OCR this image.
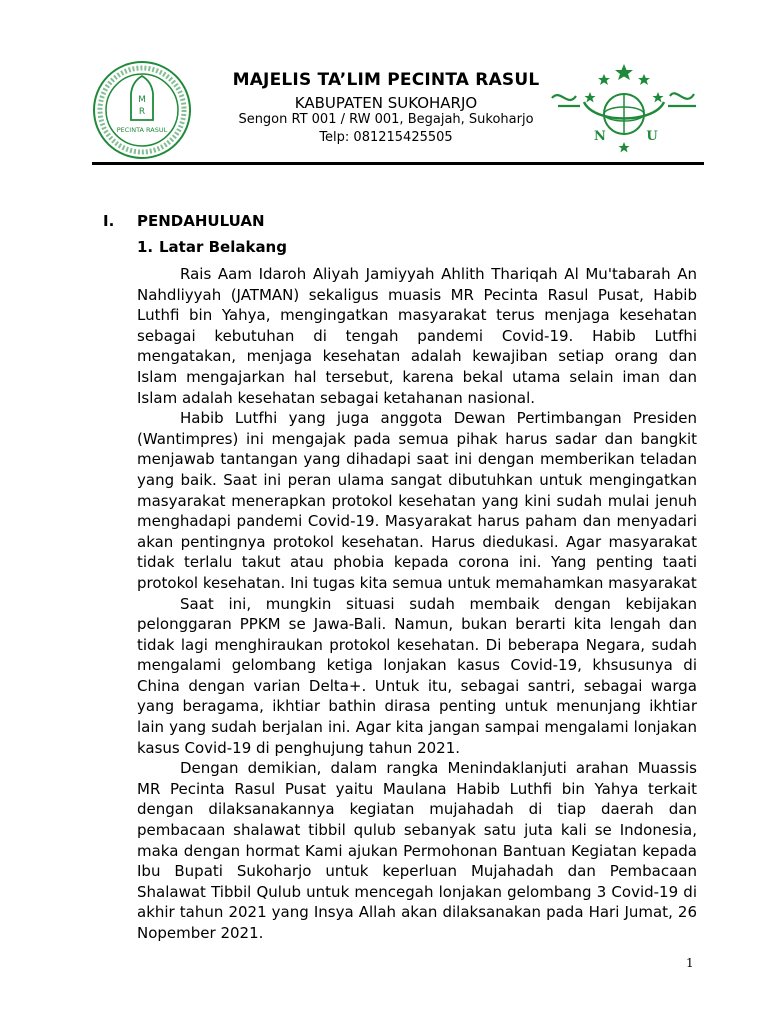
M
R
PECINTA RASUL
MAJELIS TA’LIM PECINTA RASUL
KABUPATEN SUKOHARJO
Sengon RT 001 / RW 001, Begajah, Sukoharjo
Telp: 081215425505	N	U
I. PENDAHULUAN
1. Latar Belakang

Rais Aam Idaroh Aliyah Jamiyyah Ahlith Thariqah Al Mu'tabarah An Nahdliyyah (JATMAN) sekaligus muasis MR Pecinta Rasul Pusat, Habib Luthfi bin Yahya, mengingatkan masyarakat terus menjaga kesehatan sebagai kebutuhan di tengah pandemi Covid-19. Habib Lutfhi mengatakan, menjaga kesehatan adalah kewajiban setiap orang dan Islam mengajarkan hal tersebut, karena bekal utama selain iman dan Islam adalah kesehatan sebagai ketahanan nasional.

Habib Lutfhi yang juga anggota Dewan Pertimbangan Presiden (Wantimpres) ini mengajak pada semua pihak harus sadar dan bangkit menjawab tantangan yang dihadapi saat ini dengan memberikan teladan yang baik. Saat ini peran ulama sangat dibutuhkan untuk mengingatkan masyarakat menerapkan protokol kesehatan yang kini sudah mulai jenuh menghadapi pandemi Covid-19. Masyarakat harus paham dan menyadari akan pentingnya protokol kesehatan. Harus diedukasi. Agar masyarakat tidak terlalu takut atau phobia kepada corona ini. Yang penting taati protokol kesehatan. Ini tugas kita semua untuk memahamkan masyarakat

Saat ini, mungkin situasi sudah membaik dengan kebijakan pelonggaran PPKM se Jawa-Bali. Namun, bukan berarti kita lengah dan tidak lagi menghiraukan protokol kesehatan. Di beberapa Negara, sudah mengalami gelombang ketiga lonjakan kasus Covid-19, khsusunya di China dengan varian Delta+. Untuk itu, sebagai santri, sebagai warga yang beragama, ikhtiar bathin dirasa penting untuk menunjang ikhtiar lain yang sudah berjalan ini. Agar kita jangan sampai mengalami lonjakan kasus Covid-19 di penghujung tahun 2021.

Dengan demikian, dalam rangka Menindaklanjuti arahan Muassis MR Pecinta Rasul Pusat yaitu Maulana Habib Luthfi bin Yahya terkait dengan dilaksanakannya kegiatan mujahadah di tiap daerah dan pembacaan shalawat tibbil qulub sebanyak satu juta kali se Indonesia, maka dengan hormat Kami ajukan Permohonan Bantuan Kegiatan kepada Ibu Bupati Sukoharjo untuk keperluan Mujahadah dan Pembacaan Shalawat Tibbil Qulub untuk mencegah lonjakan gelombang 3 Covid-19 di akhir tahun 2021 yang Insya Allah akan dilaksanakan pada Hari Jumat, 26 Nopember 2021.

1
